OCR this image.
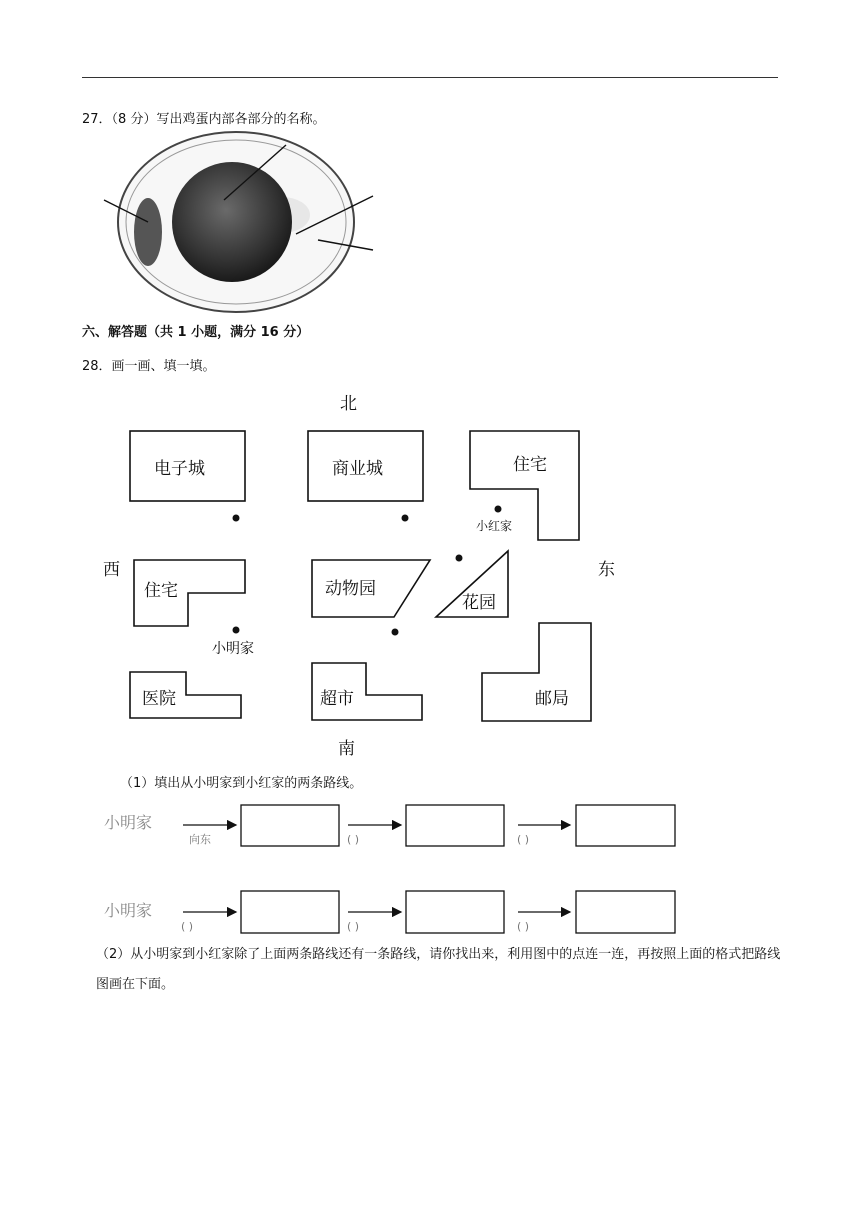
27．（8 分）写出鸡蛋内部各部分的名称。
六、解答题（共 1 小题，满分 16 分）
28．画一画、填一填。
北
南
西	东
电子城	商业城	住宅
小红家
住宅
小明家
动物园
花园
医院	超市	邮局
（1）填出从小明家到小红家的两条路线。
小明家
向东	( )	( )
小明家
( )	( )	( )
（2）从小明家到小红家除了上面两条路线还有一条路线，请你找出来，利用图中的点连一连，再按照上面的格式把路线图画在下面。
